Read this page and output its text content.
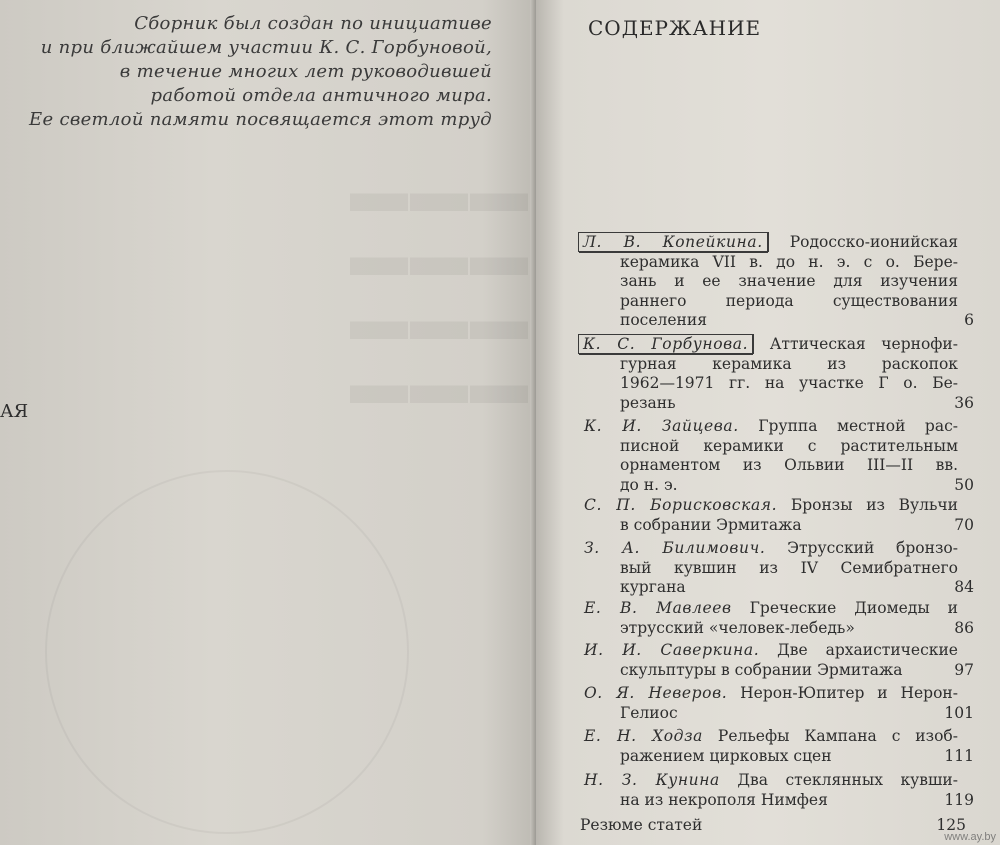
▬▬▬
▬▬▬
▬▬▬
▬▬▬
Сборник был создан по инициативе
и при ближайшем участии К. С. Горбуновой,
в течение многих лет руководившей
работой отдела античного мира.
Ее светлой памяти посвящается этот труд
АЯ
СОДЕРЖАНИЕ
Л. В. Копейкина. Родосско-ионийская
керамика VII в. до н. э. с о. Бере-
зань и ее значение для изучения
раннего периода существования
поселения	6
К. С. Горбунова. Аттическая чернофи-
гурная керамика из раскопок
1962—1971 гг. на участке Г о. Бе-
резань	36
К. И. Зайцева. Группа местной рас-
писной керамики с растительным
орнаментом из Ольвии III—II вв.
до н. э.	50
С. П. Борисковская. Бронзы из Вульчи
в собрании Эрмитажа	70
З. А. Билимович. Этрусский бронзо-
вый кувшин из IV Семибратнего
кургана	84
Е. В. Мавлеев Греческие Диомеды и
этрусский «человек-лебедь»	86
И. И. Саверкина. Две архаистические
скульптуры в собрании Эрмитажа	97
О. Я. Неверов. Нерон-Юпитер и Нерон-
Гелиос	101
Е. Н. Ходза Рельефы Кампана с изоб-
ражением цирковых сцен	111
Н. З. Кунина Два стеклянных кувши-
на из некрополя Нимфея	119
Резюме статей	125
www.ay.by
